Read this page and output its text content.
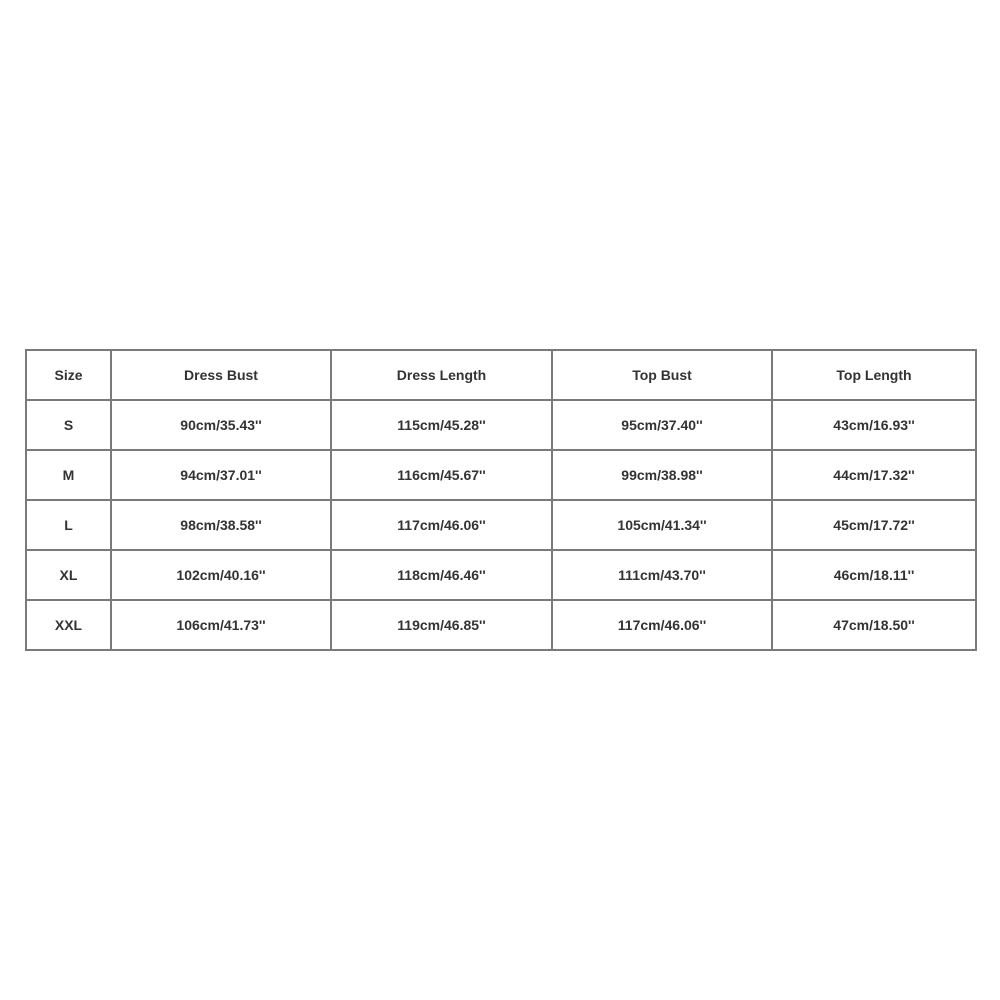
Size	Dress Bust	Dress Length	Top Bust	Top Length
S	90cm/35.43''	115cm/45.28''	95cm/37.40''	43cm/16.93''
M	94cm/37.01''	116cm/45.67''	99cm/38.98''	44cm/17.32''
L	98cm/38.58''	117cm/46.06''	105cm/41.34''	45cm/17.72''
XL	102cm/40.16''	118cm/46.46''	111cm/43.70''	46cm/18.11''
XXL	106cm/41.73''	119cm/46.85''	117cm/46.06''	47cm/18.50''
